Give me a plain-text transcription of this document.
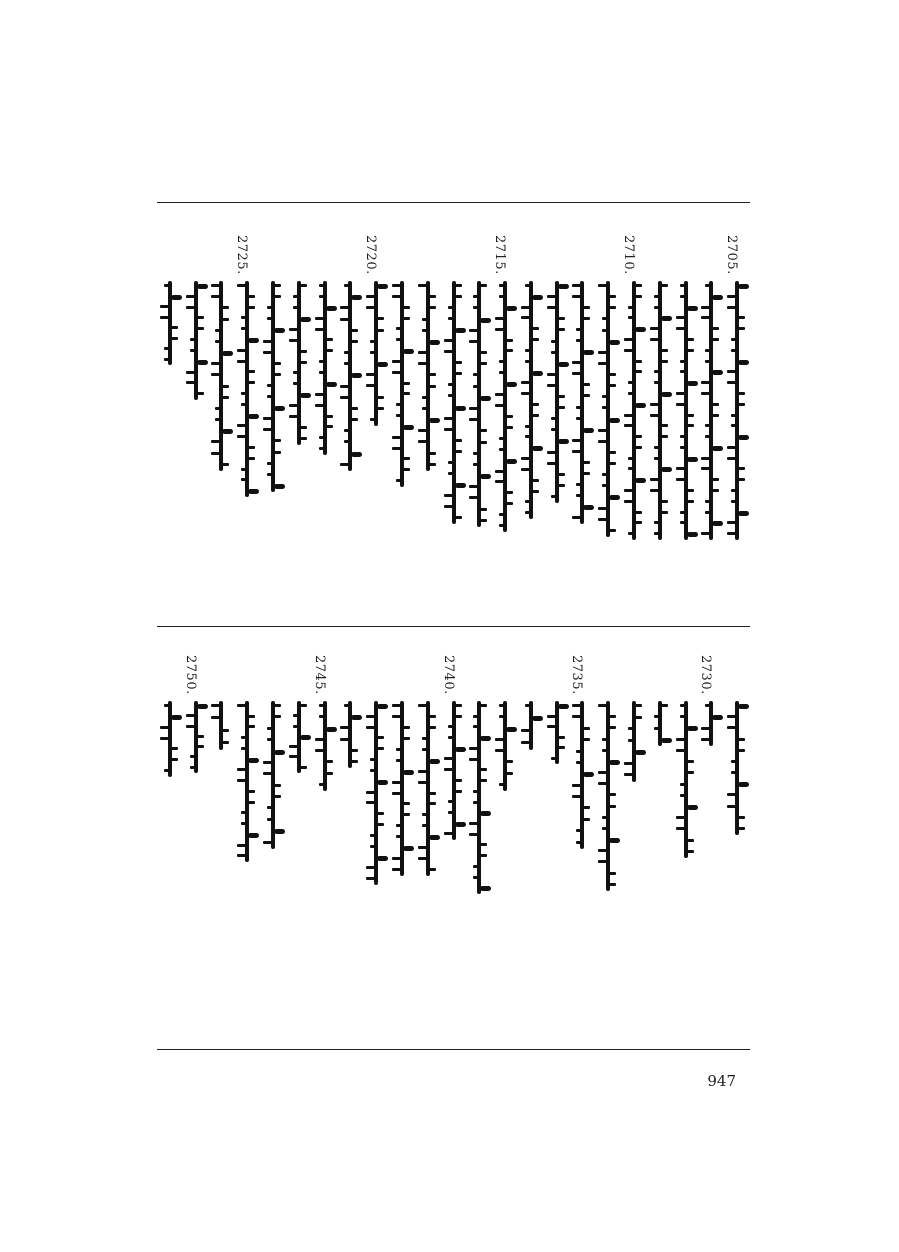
2725.	2720.	2715.	2710.	2705.
2750.	2745.	2740.	2735.	2730.
947
